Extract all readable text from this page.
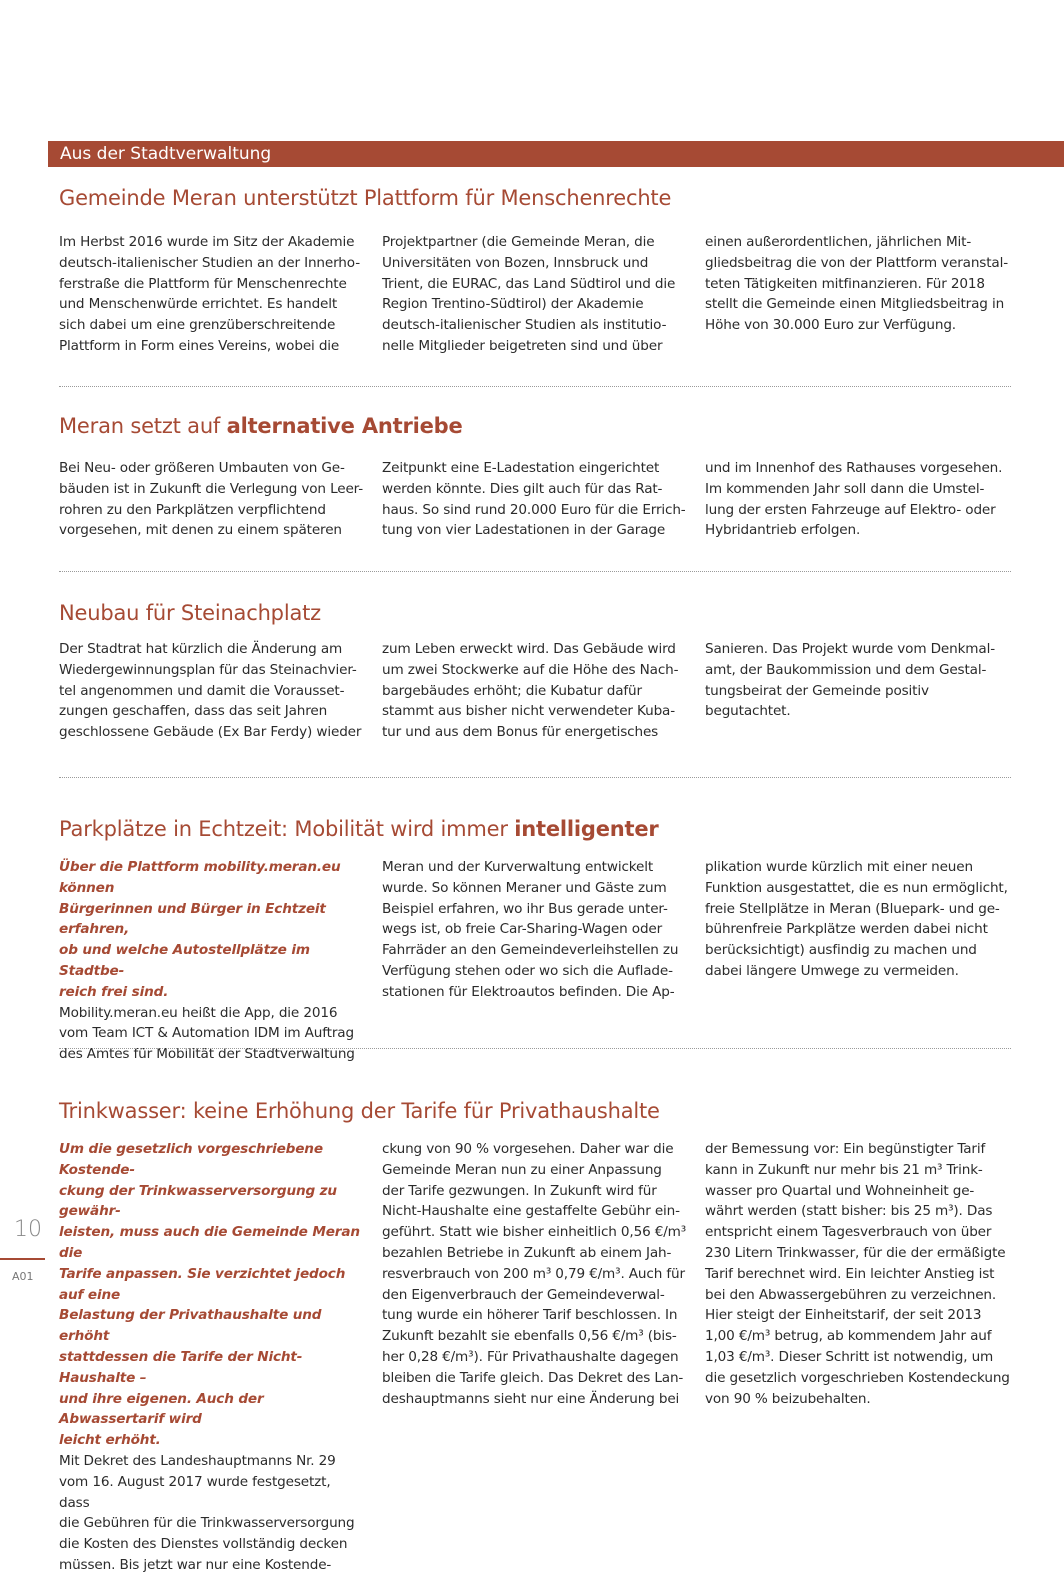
Aus der Stadtverwaltung
Gemeinde Meran unterstützt Plattform für Menschenrechte
Im Herbst 2016 wurde im Sitz der Akademie
deutsch-italienischer Studien an der Innerho-
ferstraße die Plattform für Menschenrechte
und Menschenwürde errichtet. Es handelt
sich dabei um eine grenzüberschreitende
Plattform in Form eines Vereins, wobei die
Projektpartner (die Gemeinde Meran, die
Universitäten von Bozen, Innsbruck und
Trient, die EURAC, das Land Südtirol und die
Region Trentino-Südtirol) der Akademie
deutsch-italienischer Studien als institutio-
nelle Mitglieder beigetreten sind und über
einen außerordentlichen, jährlichen Mit-
gliedsbeitrag die von der Plattform veranstal-
teten Tätigkeiten mitfinanzieren. Für 2018
stellt die Gemeinde einen Mitgliedsbeitrag in
Höhe von 30.000 Euro zur Verfügung.
Meran setzt auf alternative Antriebe
Bei Neu- oder größeren Umbauten von Ge-
bäuden ist in Zukunft die Verlegung von Leer-
rohren zu den Parkplätzen verpflichtend
vorgesehen, mit denen zu einem späteren
Zeitpunkt eine E-Ladestation eingerichtet
werden könnte. Dies gilt auch für das Rat-
haus. So sind rund 20.000 Euro für die Errich-
tung von vier Ladestationen in der Garage
und im Innenhof des Rathauses vorgesehen.
Im kommenden Jahr soll dann die Umstel-
lung der ersten Fahrzeuge auf Elektro- oder
Hybridantrieb erfolgen.
Neubau für Steinachplatz
Der Stadtrat hat kürzlich die Änderung am
Wiedergewinnungsplan für das Steinachvier-
tel angenommen und damit die Vorausset-
zungen geschaffen, dass das seit Jahren
geschlossene Gebäude (Ex Bar Ferdy) wieder
zum Leben erweckt wird. Das Gebäude wird
um zwei Stockwerke auf die Höhe des Nach-
bargebäudes erhöht; die Kubatur dafür
stammt aus bisher nicht verwendeter Kuba-
tur und aus dem Bonus für energetisches
Sanieren. Das Projekt wurde vom Denkmal-
amt, der Baukommission und dem Gestal-
tungsbeirat der Gemeinde positiv
begutachtet.
Parkplätze in Echtzeit: Mobilität wird immer intelligenter
Über die Plattform mobility.meran.eu können
Bürgerinnen und Bürger in Echtzeit erfahren,
ob und welche Autostellplätze im Stadtbe-
reich frei sind.
Mobility.meran.eu heißt die App, die 2016
vom Team ICT & Automation IDM im Auftrag
des Amtes für Mobilität der Stadtverwaltung
Meran und der Kurverwaltung entwickelt
wurde. So können Meraner und Gäste zum
Beispiel erfahren, wo ihr Bus gerade unter-
wegs ist, ob freie Car-Sharing-Wagen oder
Fahrräder an den Gemeindeverleihstellen zu
Verfügung stehen oder wo sich die Auflade-
stationen für Elektroautos befinden. Die Ap-
plikation wurde kürzlich mit einer neuen
Funktion ausgestattet, die es nun ermöglicht,
freie Stellplätze in Meran (Bluepark- und ge-
bührenfreie Parkplätze werden dabei nicht
berücksichtigt) ausfindig zu machen und
dabei längere Umwege zu vermeiden.
Trinkwasser: keine Erhöhung der Tarife für Privathaushalte
Um die gesetzlich vorgeschriebene Kostende-
ckung der Trinkwasserversorgung zu gewähr-
leisten, muss auch die Gemeinde Meran die
Tarife anpassen. Sie verzichtet jedoch auf eine
Belastung der Privathaushalte und erhöht
stattdessen die Tarife der Nicht-Haushalte –
und ihre eigenen. Auch der Abwassertarif wird
leicht erhöht.
Mit Dekret des Landeshauptmanns Nr. 29
vom 16. August 2017 wurde festgesetzt, dass
die Gebühren für die Trinkwasserversorgung
die Kosten des Dienstes vollständig decken
müssen. Bis jetzt war nur eine Kostende-
ckung von 90 % vorgesehen. Daher war die
Gemeinde Meran nun zu einer Anpassung
der Tarife gezwungen. In Zukunft wird für
Nicht-Haushalte eine gestaffelte Gebühr ein-
geführt. Statt wie bisher einheitlich 0,56 €/m³
bezahlen Betriebe in Zukunft ab einem Jah-
resverbrauch von 200 m³ 0,79 €/m³. Auch für
den Eigenverbrauch der Gemeindeverwal-
tung wurde ein höherer Tarif beschlossen. In
Zukunft bezahlt sie ebenfalls 0,56 €/m³ (bis-
her 0,28 €/m³). Für Privathaushalte dagegen
bleiben die Tarife gleich. Das Dekret des Lan-
deshauptmanns sieht nur eine Änderung bei
der Bemessung vor: Ein begünstigter Tarif
kann in Zukunft nur mehr bis 21 m³ Trink-
wasser pro Quartal und Wohneinheit ge-
währt werden (statt bisher: bis 25 m³). Das
entspricht einem Tagesverbrauch von über
230 Litern Trinkwasser, für die der ermäßigte
Tarif berechnet wird. Ein leichter Anstieg ist
bei den Abwassergebühren zu verzeichnen.
Hier steigt der Einheitstarif, der seit 2013
1,00 €/m³ betrug, ab kommendem Jahr auf
1,03 €/m³. Dieser Schritt ist notwendig, um
die gesetzlich vorgeschrieben Kostendeckung
von 90 % beizubehalten.
10
A01
